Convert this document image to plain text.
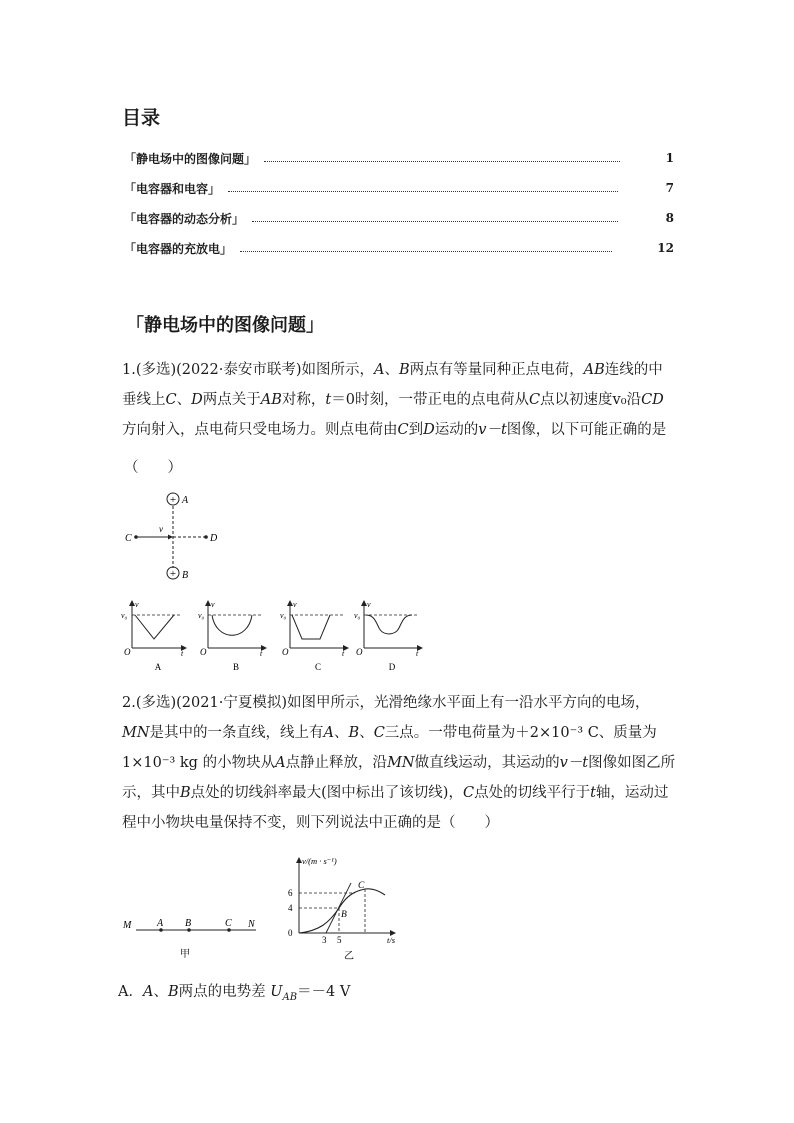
目录
「静电场中的图像问题」	1
「电容器和电容」	7
「电容器的动态分析」	8
「电容器的充放电」	12
「静电场中的图像问题」
1.(多选)(2022·泰安市联考)如图所示，A、B两点有等量同种正点电荷，AB连线的中垂线上C、D两点关于AB对称，t＝0时刻，一带正电的点电荷从C点以初速度v₀沿CD方向射入，点电荷只受电场力。则点电荷由C到D运动的v－t图像，以下可能正确的是
（　　）
+
+
A
B
C	D
v
v₀
v
O	t
A
v₀
v
O	t
B
v₀
v
O	t
C
v₀
v
O	t
D
2.(多选)(2021·宁夏模拟)如图甲所示，光滑绝缘水平面上有一沿水平方向的电场，MN是其中的一条直线，线上有A、B、C三点。一带电荷量为＋2×10⁻³ C、质量为 1×10⁻³ kg 的小物块从A点静止释放，沿MN做直线运动，其运动的v－t图像如图乙所示，其中B点处的切线斜率最大(图中标出了该切线)，C点处的切线平行于t轴，运动过程中小物块电量保持不变，则下列说法中正确的是（　　）
M	A B	C N
甲
v/(m · s⁻¹)
6
4
0
3 5	t/s
B
C
乙
A．A、B两点的电势差 $U_{AB}=-4$ V
